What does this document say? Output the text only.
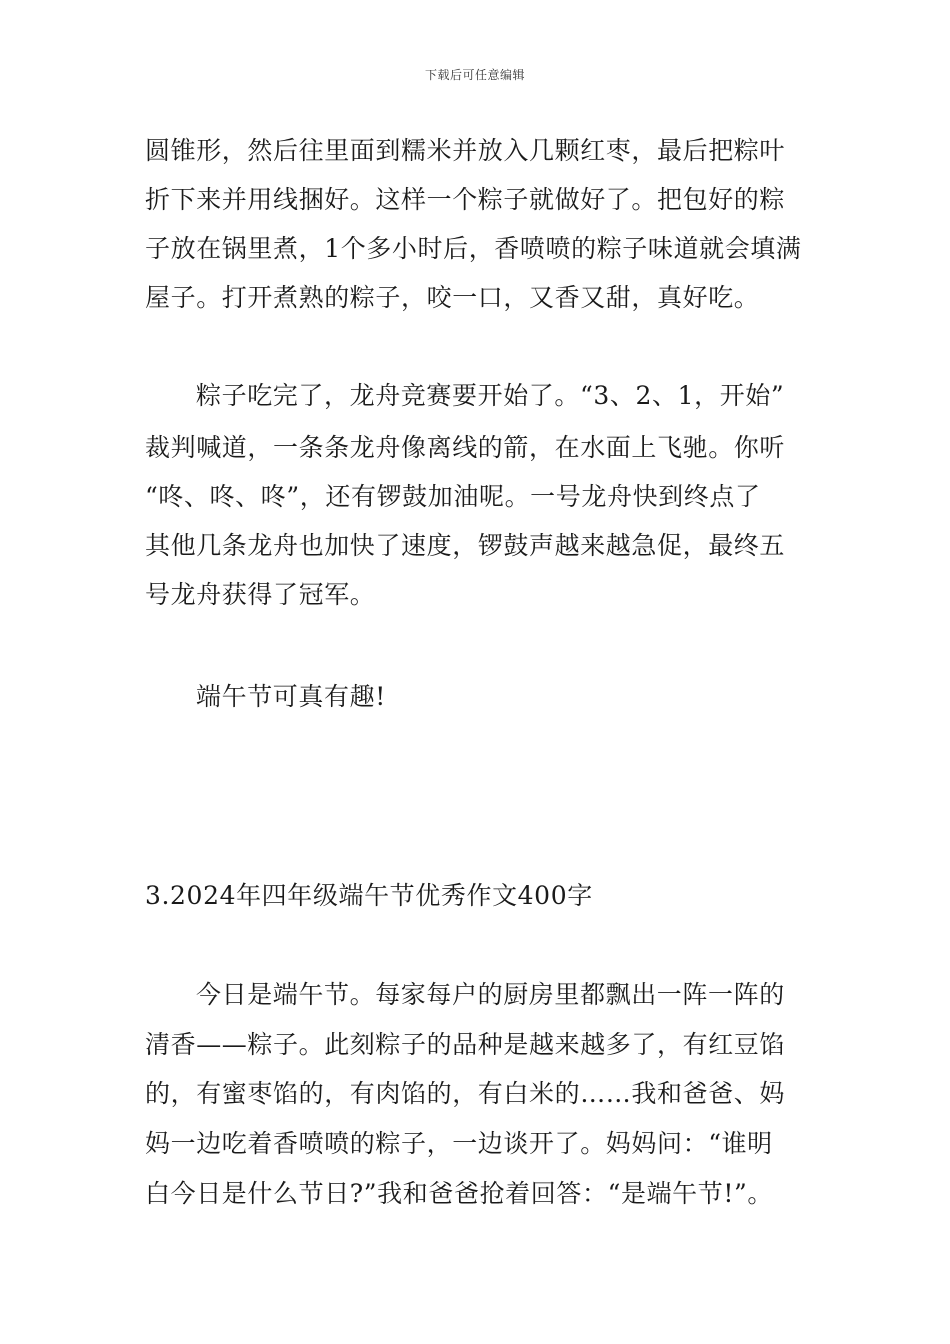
下载后可任意编辑
圆锥形，然后往里面到糯米并放入几颗红枣，最后把粽叶
折下来并用线捆好。这样一个粽子就做好了。把包好的粽
子放在锅里煮，1个多小时后，香喷喷的粽子味道就会填满
屋子。打开煮熟的粽子，咬一口，又香又甜，真好吃。
粽子吃完了，龙舟竞赛要开始了。“3、2、1，开始”
裁判喊道，一条条龙舟像离线的箭，在水面上飞驰。你听
“咚、咚、咚”，还有锣鼓加油呢。一号龙舟快到终点了
其他几条龙舟也加快了速度，锣鼓声越来越急促，最终五
号龙舟获得了冠军。
端午节可真有趣!
3.2024年四年级端午节优秀作文400字
今日是端午节。每家每户的厨房里都飘出一阵一阵的
清香——粽子。此刻粽子的品种是越来越多了，有红豆馅
的，有蜜枣馅的，有肉馅的，有白米的……我和爸爸、妈
妈一边吃着香喷喷的粽子，一边谈开了。妈妈问：“谁明
白今日是什么节日?”我和爸爸抢着回答：“是端午节!”。
